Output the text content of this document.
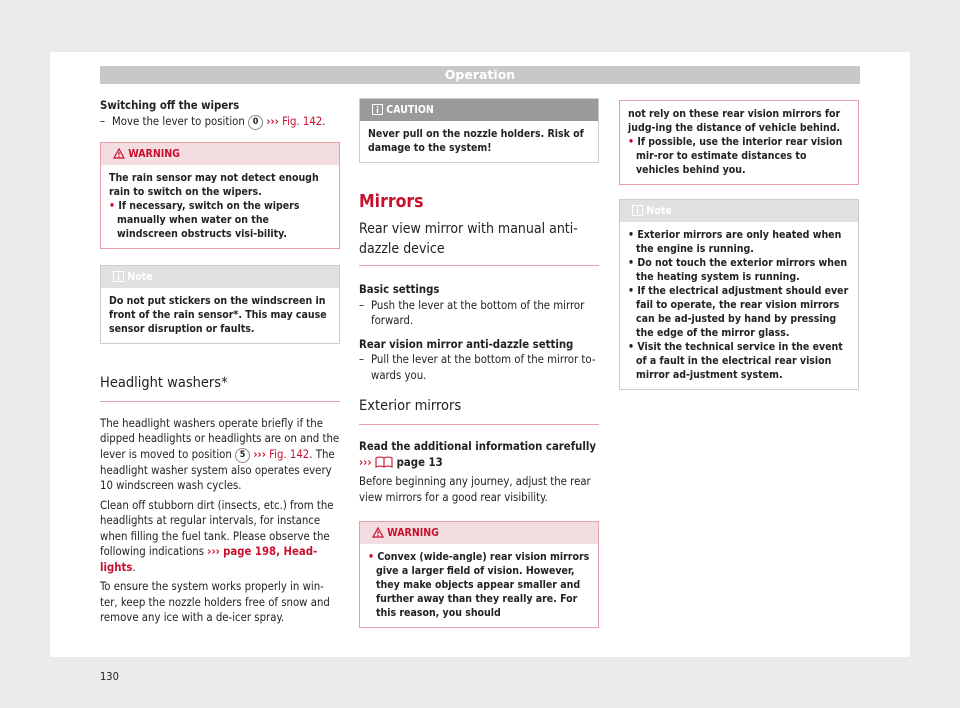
Operation

Switching off the wipers

– Move the lever to position 0 ››› Fig. 142.

WARNING

The rain sensor may not detect enough rain to switch on the wipers.

• If necessary, switch on the wipers manually when water on the windscreen obstructs visi-bility.

Note
Do not put stickers on the windscreen in front of the rain sensor*. This may cause sensor disruption or faults.
Headlight washers*

The headlight washers operate briefly if the dipped headlights or headlights are on and the lever is moved to position 5 ››› Fig. 142. The headlight washer system also operates every 10 windscreen wash cycles.

Clean off stubborn dirt (insects, etc.) from the headlights at regular intervals, for instance when filling the fuel tank. Please observe the following indications ››› page 198, Head-lights.

To ensure the system works properly in win-ter, keep the nozzle holders free of snow and remove any ice with a de-icer spray.

CAUTION
Never pull on the nozzle holders. Risk of damage to the system!
Mirrors
Rear view mirror with manual anti-dazzle device

Basic settings

– Push the lever at the bottom of the mirror forward.

Rear vision mirror anti-dazzle setting

– Pull the lever at the bottom of the mirror to-wards you.

Exterior mirrors

Read the additional information carefully

››› page 13

Before beginning any journey, adjust the rear view mirrors for a good rear visibility.

WARNING

• Convex (wide-angle) rear vision mirrors give a larger field of vision. However, they make objects appear smaller and further away than they really are. For this reason, you should

not rely on these rear vision mirrors for judg-ing the distance of vehicle behind.

• If possible, use the interior rear vision mir-ror to estimate distances to vehicles behind you.

Note

• Exterior mirrors are only heated when the engine is running.

• Do not touch the exterior mirrors when the heating system is running.

• If the electrical adjustment should ever fail to operate, the rear vision mirrors can be ad-justed by hand by pressing the edge of the mirror glass.

• Visit the technical service in the event of a fault in the electrical rear vision mirror ad-justment system.

130
